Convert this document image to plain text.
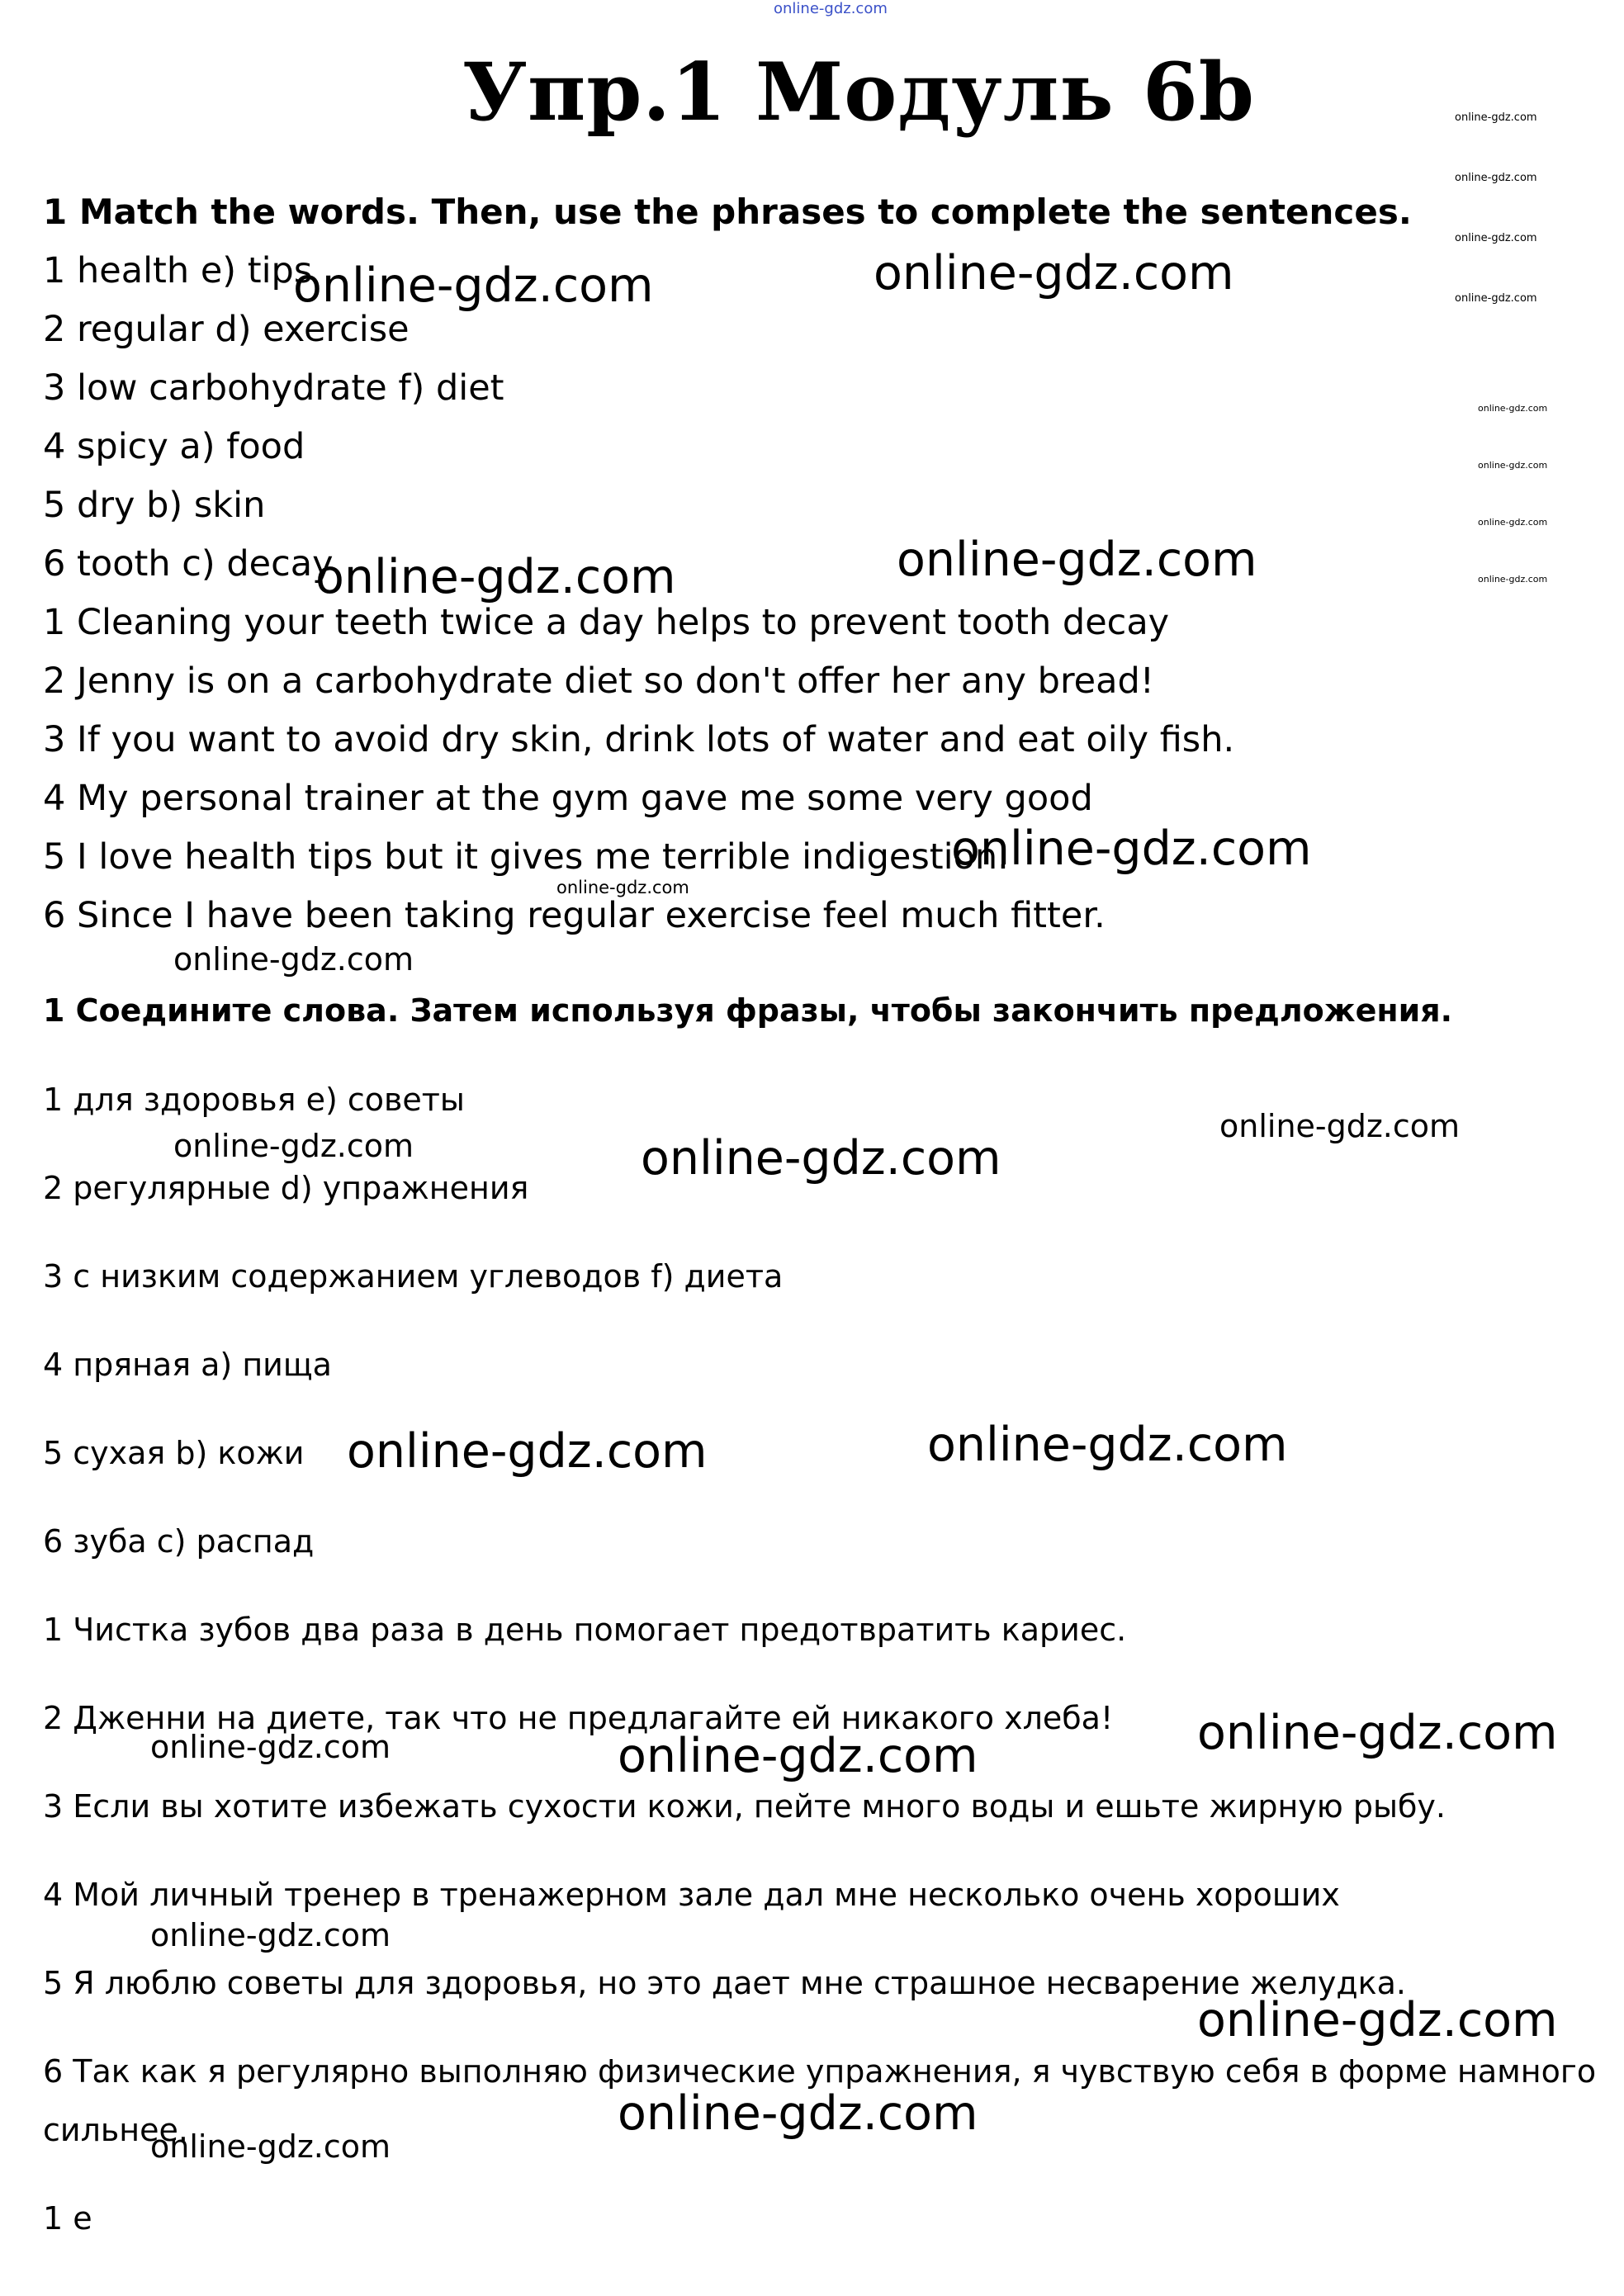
online-gdz.com
Упр.1 Модуль 6b
1 Match the words. Then, use the phrases to complete the sentences.
1 health e) tips
2 regular d) exercise
3 low carbohydrate f) diet
4 spicy a) food
5 dry b) skin
6 tooth c) decay
1 Cleaning your teeth twice a day helps to prevent tooth decay
2 Jenny is on a carbohydrate diet so don't offer her any bread!
3 If you want to avoid dry skin, drink lots of water and eat oily fish.
4 My personal trainer at the gym gave me some very good
5 I love health tips but it gives me terrible indigestion.
6 Since I have been taking regular exercise feel much fitter.
1 Соедините слова. Затем используя фразы, чтобы закончить предложения.
1 для здоровья e) советы
2 регулярные d) упражнения
3 с низким содержанием углеводов f) диета
4 пряная a) пища
5 сухая b) кожи
6 зуба c) распад
1 Чистка зубов два раза в день помогает предотвратить кариес.
2 Дженни на диете, так что не предлагайте ей никакого хлеба!
3 Если вы хотите избежать сухости кожи, пейте много воды и ешьте жирную рыбу.
4 Мой личный тренер в тренажерном зале дал мне несколько очень хороших
5 Я люблю советы для здоровья, но это дает мне страшное несварение желудка.
6 Так как я регулярно выполняю физические упражнения, я чувствую себя в форме намного
сильнее.
1 e
online-gdz.com	online-gdz.com
online-gdz.com	online-gdz.com
online-gdz.com
online-gdz.com
online-gdz.com	online-gdz.com
online-gdz.com
online-gdz.com
online-gdz.com
online-gdz.com
online-gdz.com
online-gdz.com
online-gdz.com
online-gdz.com
online-gdz.com
online-gdz.com
online-gdz.com
online-gdz.com
online-gdz.com
online-gdz.com
online-gdz.com
online-gdz.com
online-gdz.com
online-gdz.com
online-gdz.com
